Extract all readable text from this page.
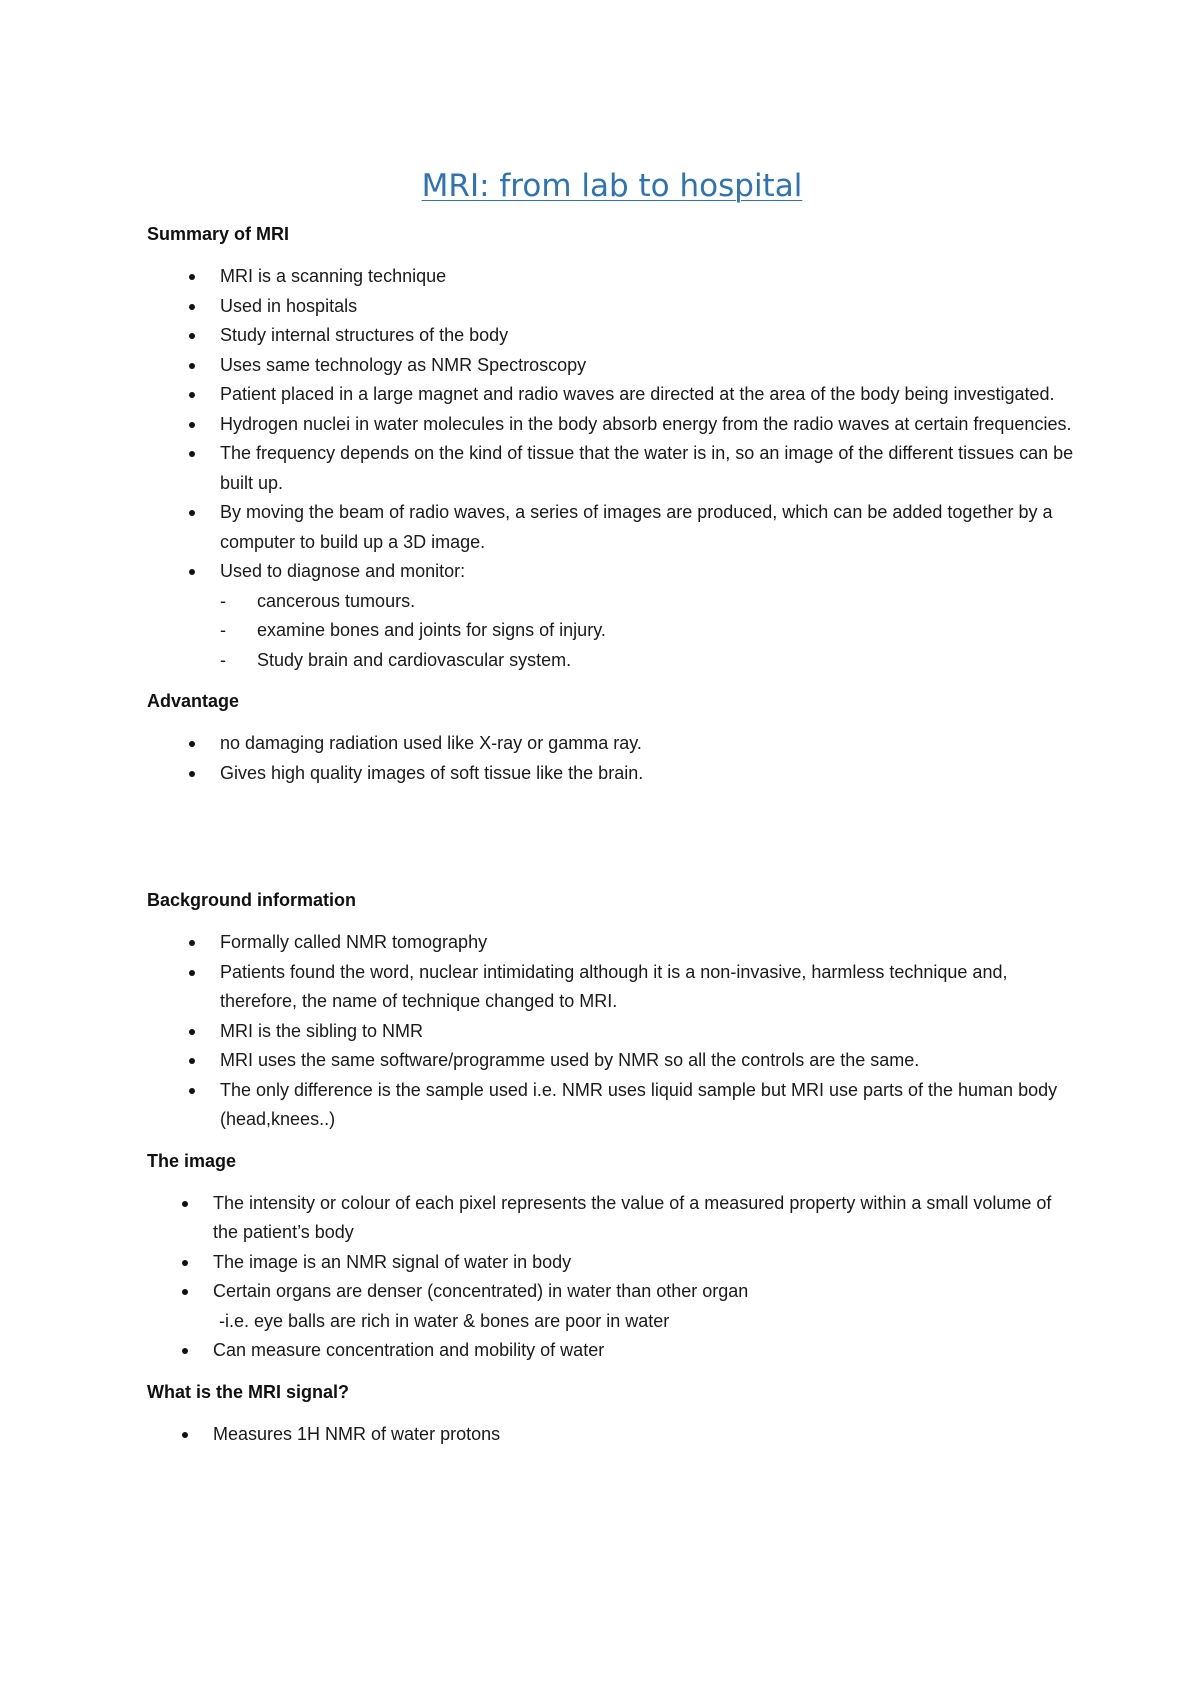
MRI: from lab to hospital
Summary of MRI
MRI is a scanning technique
Used in hospitals
Study internal structures of the body
Uses same technology as NMR Spectroscopy
Patient placed in a large magnet and radio waves are directed at the area of the body being investigated.
Hydrogen nuclei in water molecules in the body absorb energy from the radio waves at certain frequencies.
The frequency depends on the kind of tissue that the water is in, so an image of the different tissues can be built up.
By moving the beam of radio waves, a series of images are produced, which can be added together by a computer to build up a 3D image.
Used to diagnose and monitor:
- cancerous tumours.
- examine bones and joints for signs of injury.
- Study brain and cardiovascular system.
Advantage
no damaging radiation used like X-ray or gamma ray.
Gives high quality images of soft tissue like the brain.
Background information
Formally called NMR tomography
Patients found the word, nuclear intimidating although it is a non-invasive, harmless technique and, therefore, the name of technique changed to MRI.
MRI is the sibling to NMR
MRI uses the same software/programme used by NMR so all the controls are the same.
The only difference is the sample used i.e. NMR uses liquid sample but MRI use parts of the human body (head,knees..)
The image
The intensity or colour of each pixel represents the value of a measured property within a small volume of the patient’s body
The image is an NMR signal of water in body
Certain organs are denser (concentrated) in water than other organ
-i.e. eye balls are rich in water & bones are poor in water
Can measure concentration and mobility of water
What is the MRI signal?
Measures 1H NMR of water protons
